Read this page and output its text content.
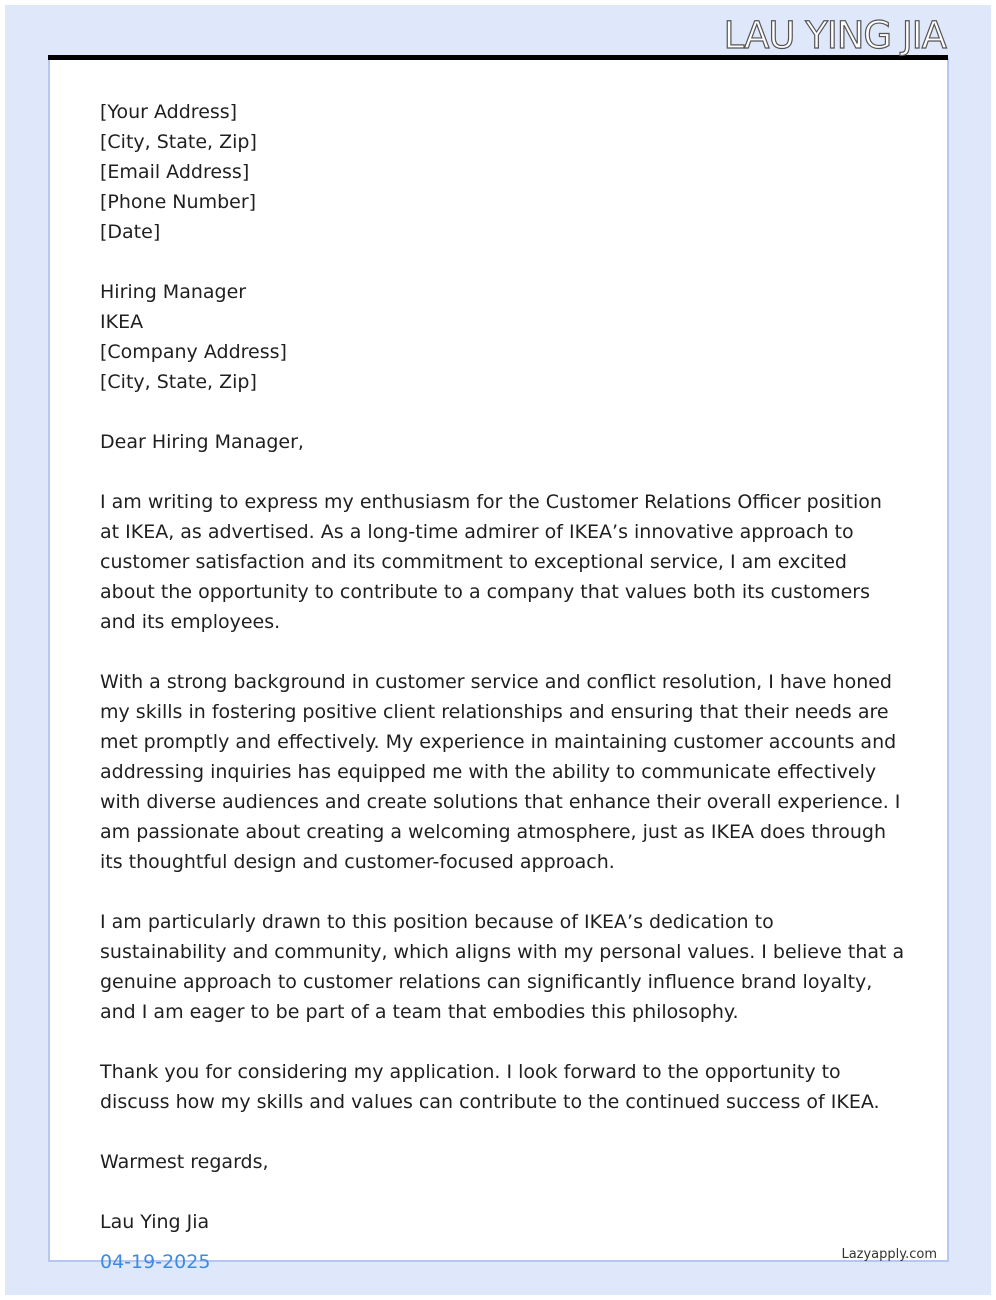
LAU YING JIA
[Your Address]
[City, State, Zip]
[Email Address]
[Phone Number]
[Date]
Hiring Manager
IKEA
[Company Address]
[City, State, Zip]

Dear Hiring Manager,

I am writing to express my enthusiasm for the Customer Relations Officer position at IKEA, as advertised. As a long-time admirer of IKEA’s innovative approach to customer satisfaction and its commitment to exceptional service, I am excited about the opportunity to contribute to a company that values both its customers and its employees.

With a strong background in customer service and conflict resolution, I have honed my skills in fostering positive client relationships and ensuring that their needs are met promptly and effectively. My experience in maintaining customer accounts and addressing inquiries has equipped me with the ability to communicate effectively with diverse audiences and create solutions that enhance their overall experience. I am passionate about creating a welcoming atmosphere, just as IKEA does through its thoughtful design and customer-focused approach.

I am particularly drawn to this position because of IKEA’s dedication to sustainability and community, which aligns with my personal values. I believe that a genuine approach to customer relations can significantly influence brand loyalty, and I am eager to be part of a team that embodies this philosophy.

Thank you for considering my application. I look forward to the opportunity to discuss how my skills and values can contribute to the continued success of IKEA.

Warmest regards,

Lau Ying Jia
04-19-2025	Lazyapply.com
